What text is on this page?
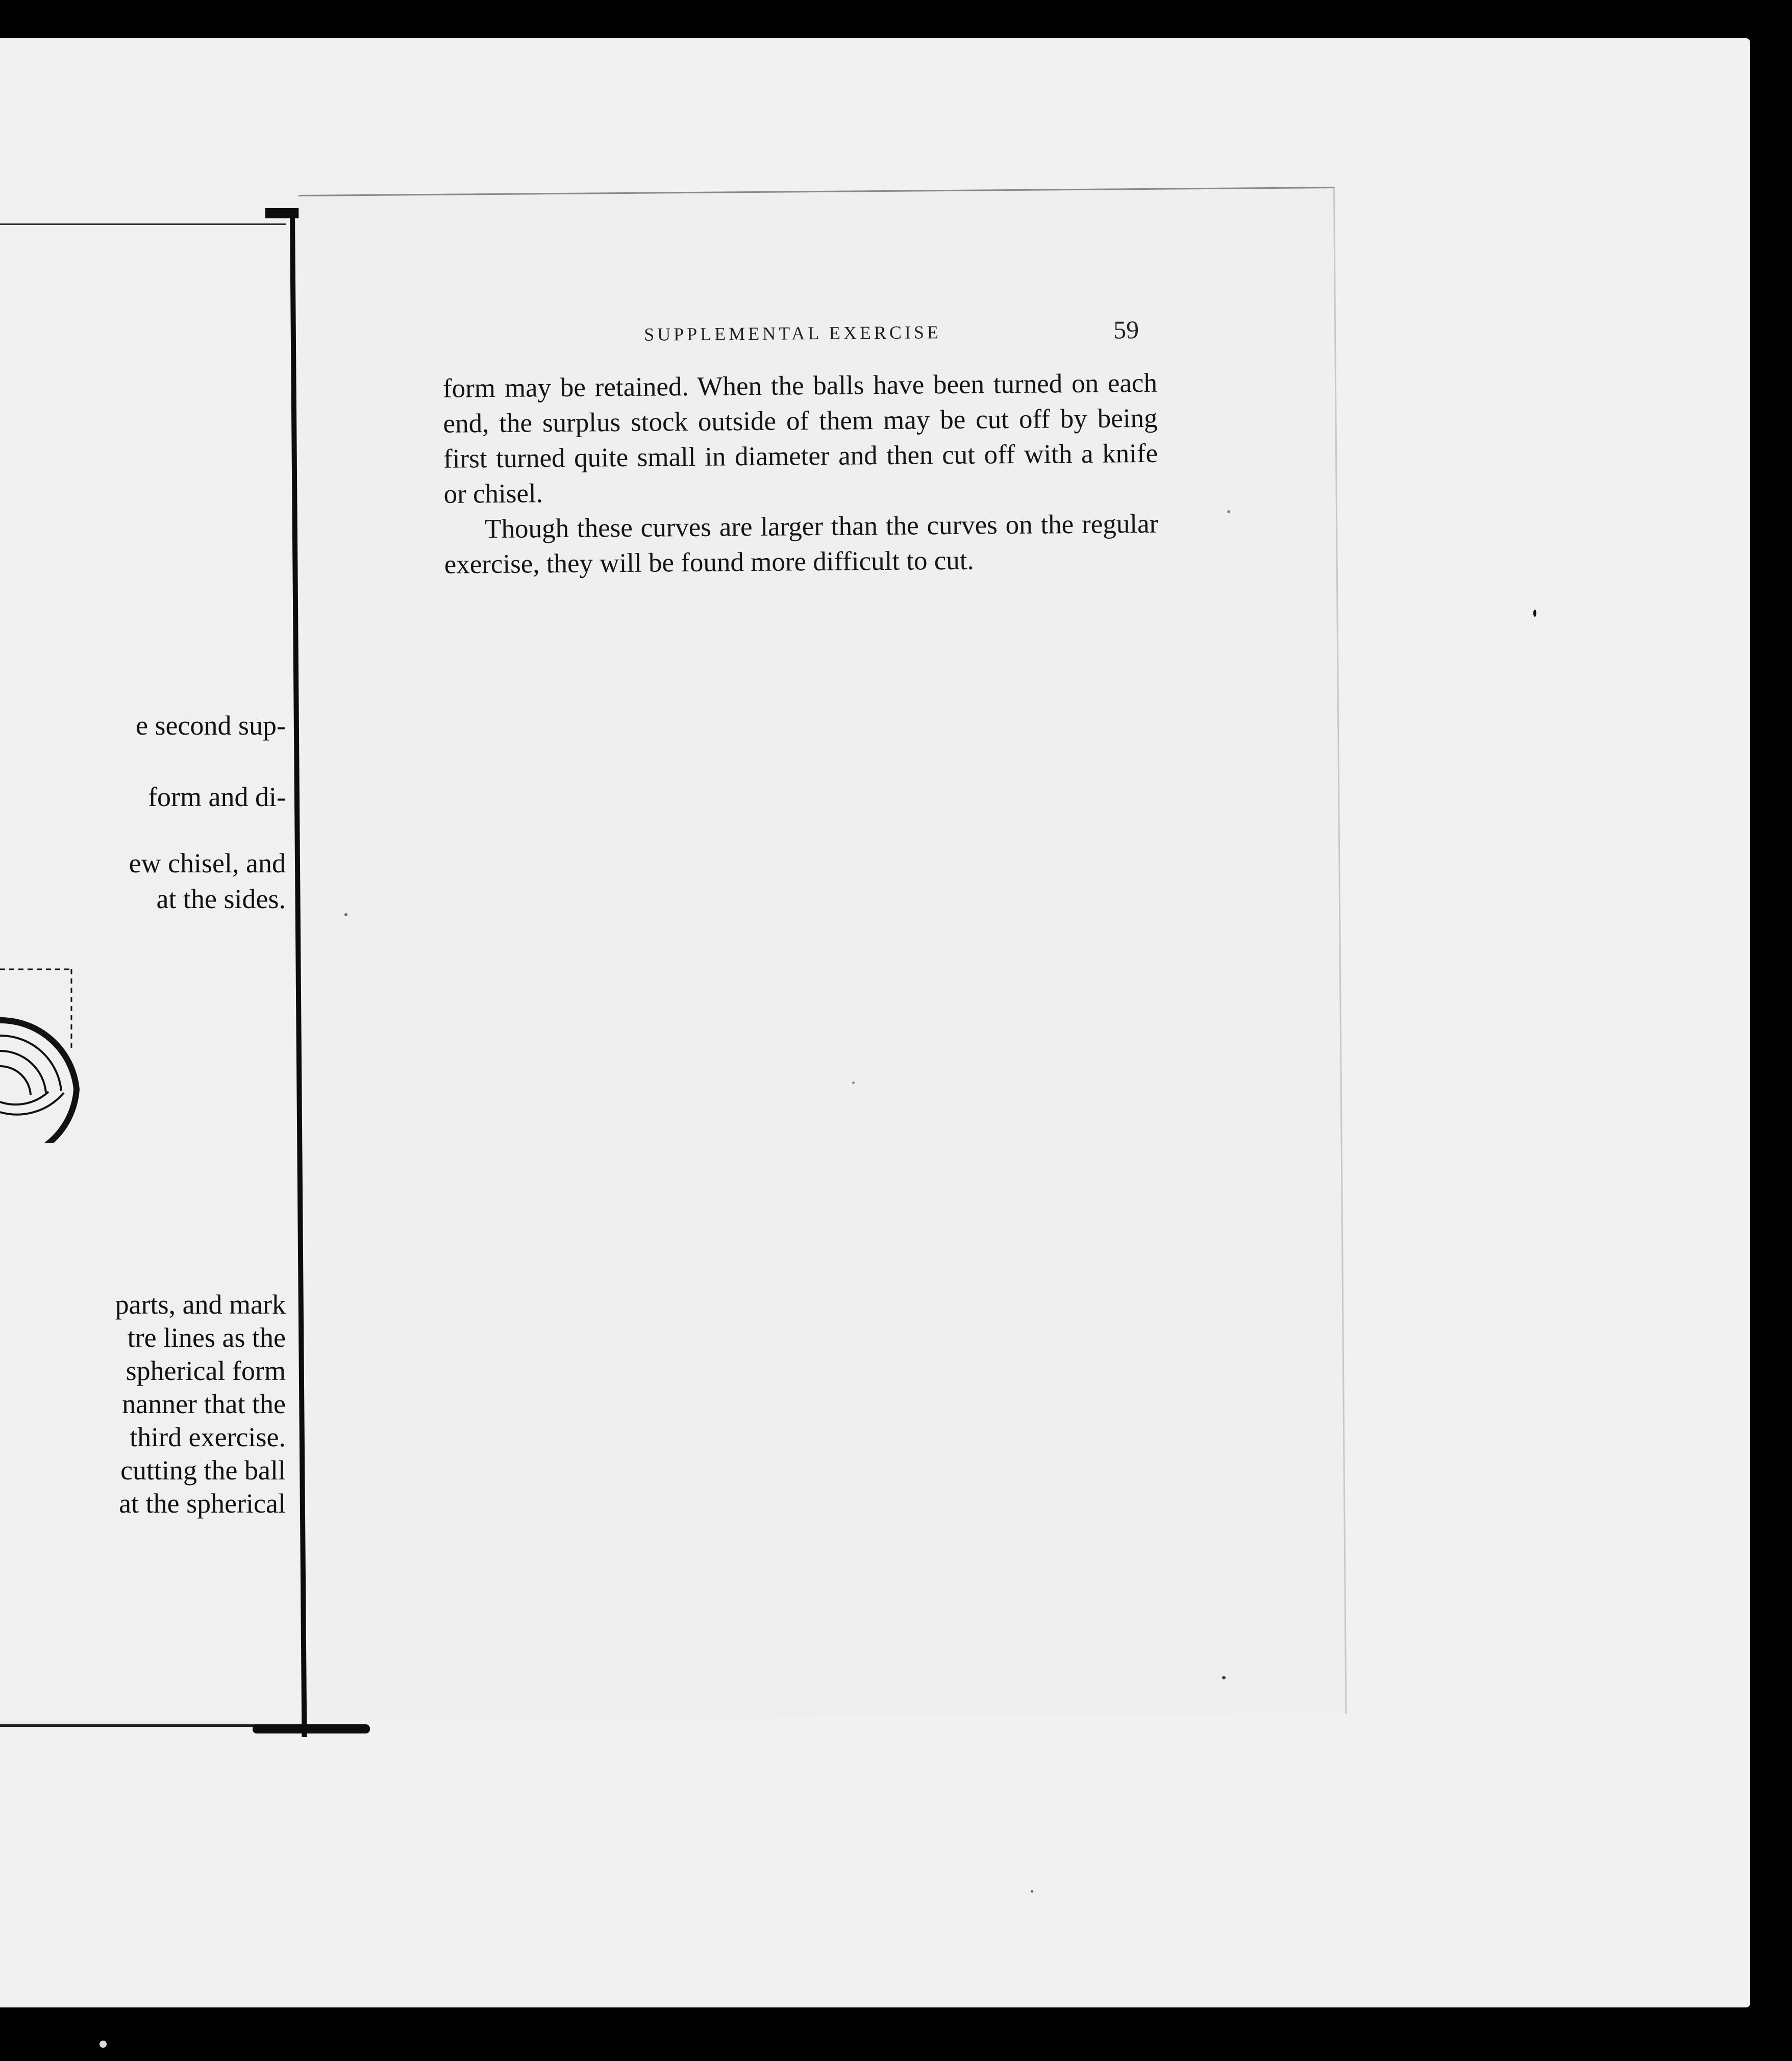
e second sup-
form and di-
ew chisel, and
at the sides.
parts, and mark
tre lines as the
spherical form
nanner that the
third exercise.
cutting the ball
at the spherical
SUPPLEMENTAL EXERCISE	59

form may be retained. When the balls have been turned on each end, the surplus stock outside of them may be cut off by being first turned quite small in diameter and then cut off with a knife or chisel.

Though these curves are larger than the curves on the regular exercise, they will be found more difficult to cut.
